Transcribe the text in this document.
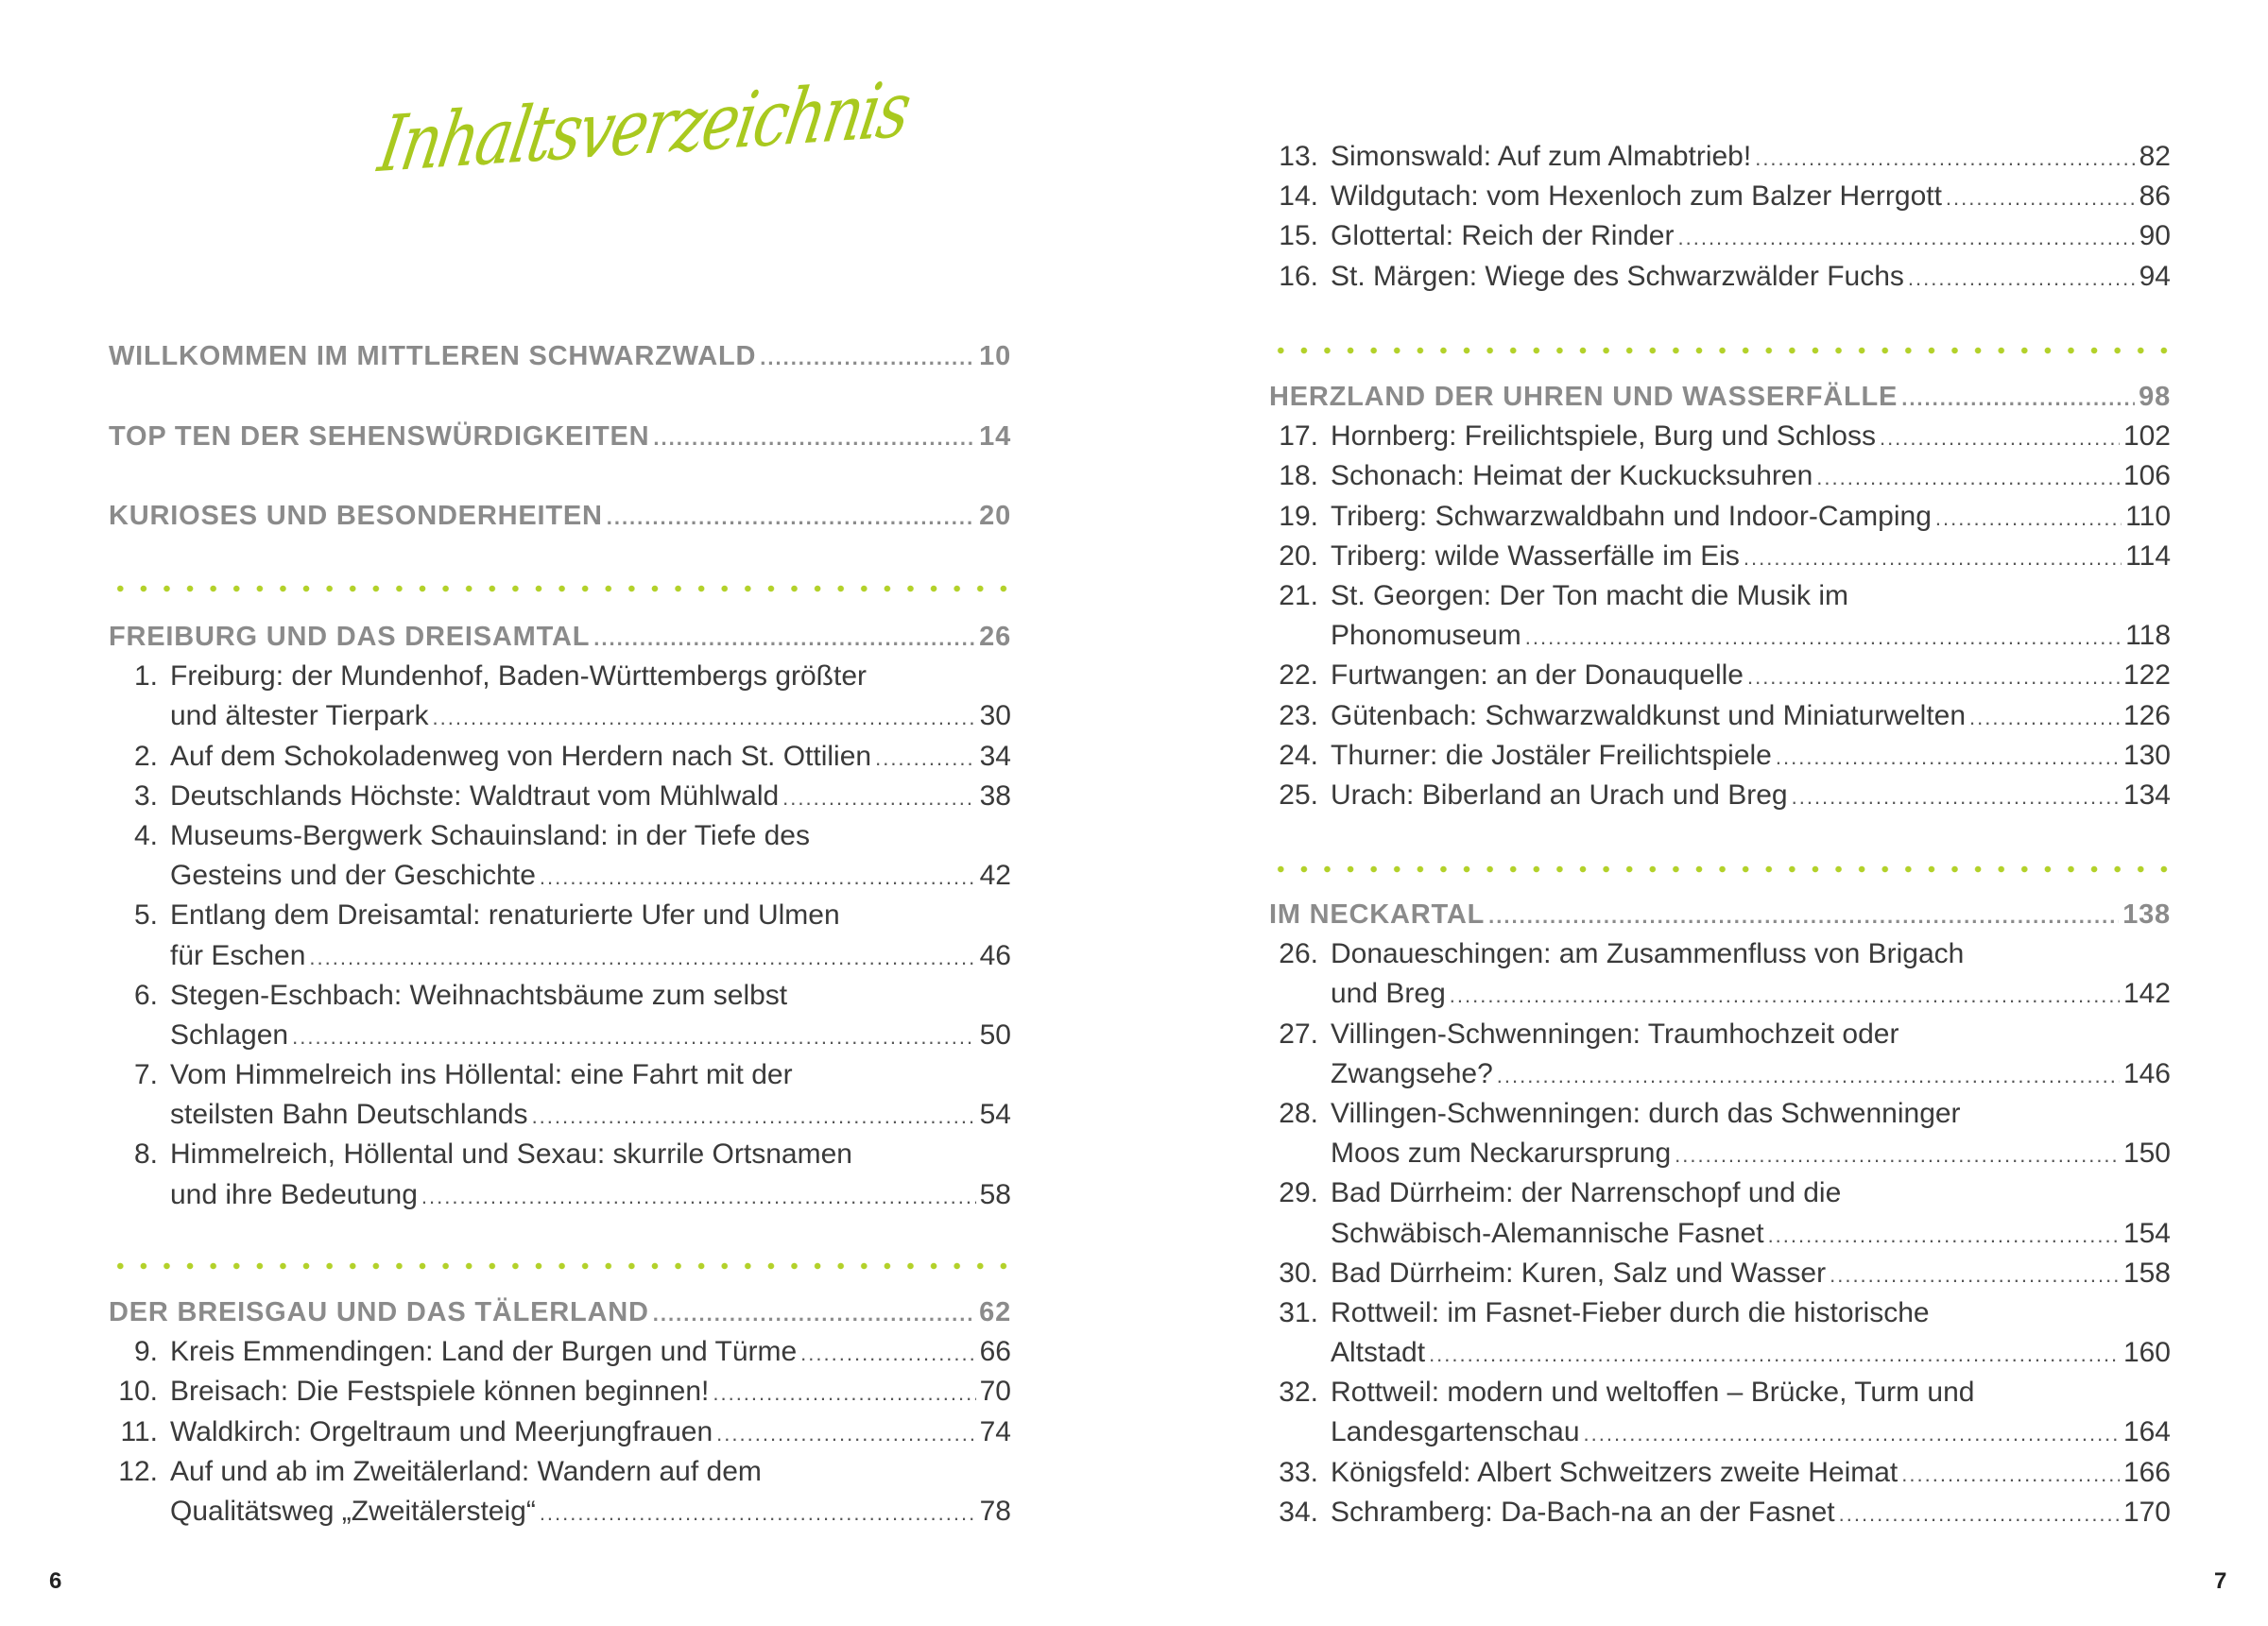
Inhaltsverzeichnis
WILLKOMMEN IM MITTLEREN SCHWARZWALD .....	10
TOP TEN DER SEHENSWÜRDIGKEITEN .....	14
KURIOSES UND BESONDERHEITEN .....	20
FREIBURG UND DAS DREISAMTAL .....	26
1. Freiburg: der Mundenhof, Baden-Württembergs größter
und ältester Tierpark .....	30
2. Auf dem Schokoladenweg von Herdern nach St. Ottilien .....	34
3. Deutschlands Höchste: Waldtraut vom Mühlwald .....	38
4. Museums-Bergwerk Schauinsland: in der Tiefe des
Gesteins und der Geschichte .....	42
5. Entlang dem Dreisamtal: renaturierte Ufer und Ulmen
für Eschen .....	46
6. Stegen-Eschbach: Weihnachtsbäume zum selbst
Schlagen .....	50
7. Vom Himmelreich ins Höllental: eine Fahrt mit der
steilsten Bahn Deutschlands .....	54
8. Himmelreich, Höllental und Sexau: skurrile Ortsnamen
und ihre Bedeutung .....	58
DER BREISGAU UND DAS TÄLERLAND .....	62
9. Kreis Emmendingen: Land der Burgen und Türme .....	66
10. Breisach: Die Festspiele können beginnen! .....	70
11. Waldkirch: Orgeltraum und Meerjungfrauen .....	74
12. Auf und ab im Zweitälerland: Wandern auf dem
Qualitätsweg „Zweitälersteig“ .....	78
13. Simonswald: Auf zum Almabtrieb! .....	82
14. Wildgutach: vom Hexenloch zum Balzer Herrgott .....	86
15. Glottertal: Reich der Rinder .....	90
16. St. Märgen: Wiege des Schwarzwälder Fuchs .....	94
HERZLAND DER UHREN UND WASSERFÄLLE .....	98
17. Hornberg: Freilichtspiele, Burg und Schloss .....	102
18. Schonach: Heimat der Kuckucksuhren .....	106
19. Triberg: Schwarzwaldbahn und Indoor-Camping .....	110
20. Triberg: wilde Wasserfälle im Eis .....	114
21. St. Georgen: Der Ton macht die Musik im
Phonomuseum .....	118
22. Furtwangen: an der Donauquelle .....	122
23. Gütenbach: Schwarzwaldkunst und Miniaturwelten .....	126
24. Thurner: die Jostäler Freilichtspiele .....	130
25. Urach: Biberland an Urach und Breg .....	134
IM NECKARTAL .....	138
26. Donaueschingen: am Zusammenfluss von Brigach
und Breg .....	142
27. Villingen-Schwenningen: Traumhochzeit oder
Zwangsehe? .....	146
28. Villingen-Schwenningen: durch das Schwenninger
Moos zum Neckarursprung .....	150
29. Bad Dürrheim: der Narrenschopf und die
Schwäbisch-Alemannische Fasnet .....	154
30. Bad Dürrheim: Kuren, Salz und Wasser .....	158
31. Rottweil: im Fasnet-Fieber durch die historische
Altstadt .....	160
32. Rottweil: modern und weltoffen – Brücke, Turm und
Landesgartenschau .....	164
33. Königsfeld: Albert Schweitzers zweite Heimat .....	166
34. Schramberg: Da-Bach-na an der Fasnet .....	170
6	7
